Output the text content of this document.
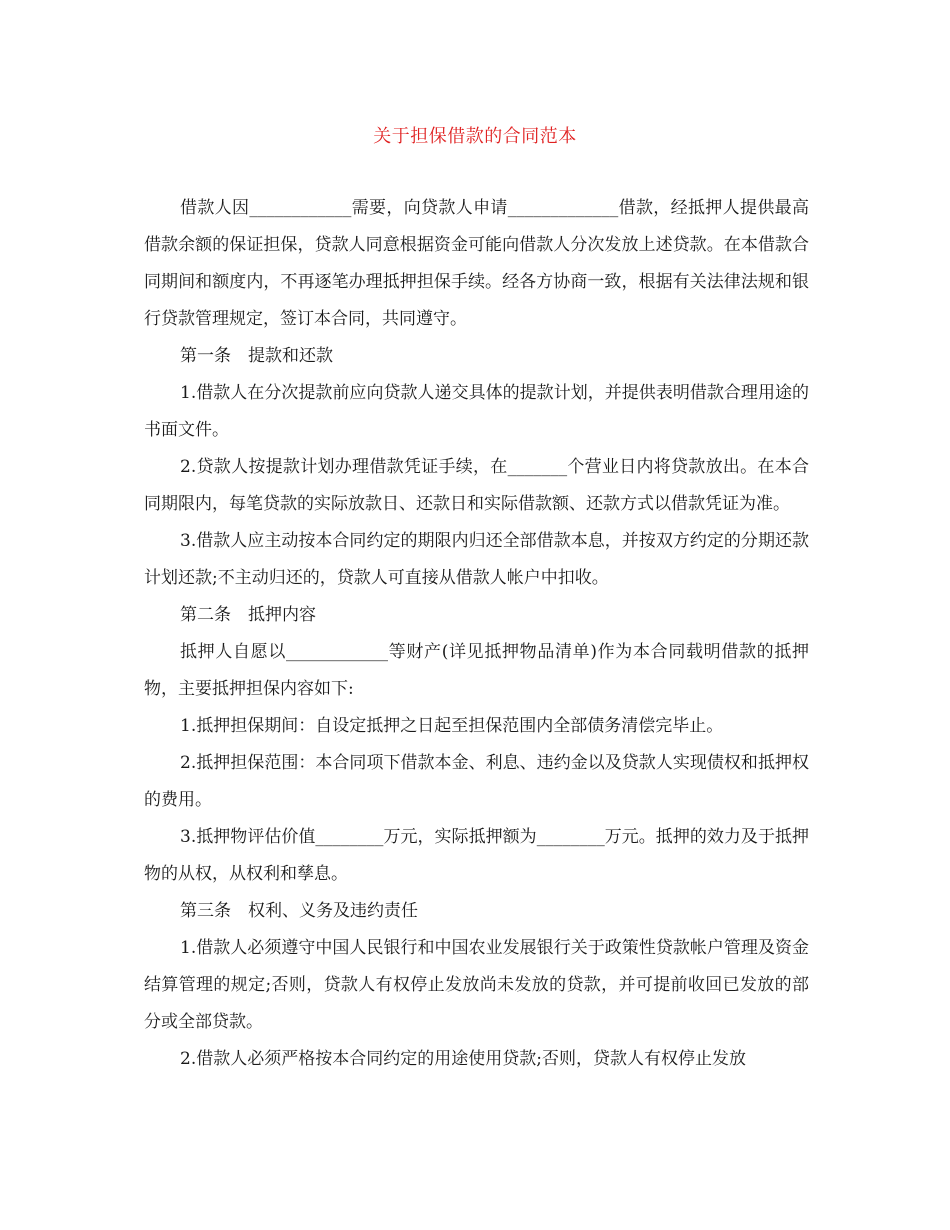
关于担保借款的合同范本

借款人因____________需要，向贷款人申请_____________借款，经抵押人提供最高借款余额的保证担保，贷款人同意根据资金可能向借款人分次发放上述贷款。在本借款合同期间和额度内，不再逐笔办理抵押担保手续。经各方协商一致，根据有关法律法规和银行贷款管理规定，签订本合同，共同遵守。

第一条　提款和还款

1.借款人在分次提款前应向贷款人递交具体的提款计划，并提供表明借款合理用途的书面文件。

2.贷款人按提款计划办理借款凭证手续，在_______个营业日内将贷款放出。在本合同期限内，每笔贷款的实际放款日、还款日和实际借款额、还款方式以借款凭证为准。

3.借款人应主动按本合同约定的期限内归还全部借款本息，并按双方约定的分期还款计划还款;不主动归还的，贷款人可直接从借款人帐户中扣收。

第二条　抵押内容

抵押人自愿以____________等财产(详见抵押物品清单)作为本合同载明借款的抵押物，主要抵押担保内容如下:

1.抵押担保期间：自设定抵押之日起至担保范围内全部债务清偿完毕止。

2.抵押担保范围：本合同项下借款本金、利息、违约金以及贷款人实现债权和抵押权的费用。

3.抵押物评估价值________万元，实际抵押额为________万元。抵押的效力及于抵押物的从权，从权利和孳息。

第三条　权利、义务及违约责任

1.借款人必须遵守中国人民银行和中国农业发展银行关于政策性贷款帐户管理及资金结算管理的规定;否则，贷款人有权停止发放尚未发放的贷款，并可提前收回已发放的部分或全部贷款。

2.借款人必须严格按本合同约定的用途使用贷款;否则，贷款人有权停止发放
